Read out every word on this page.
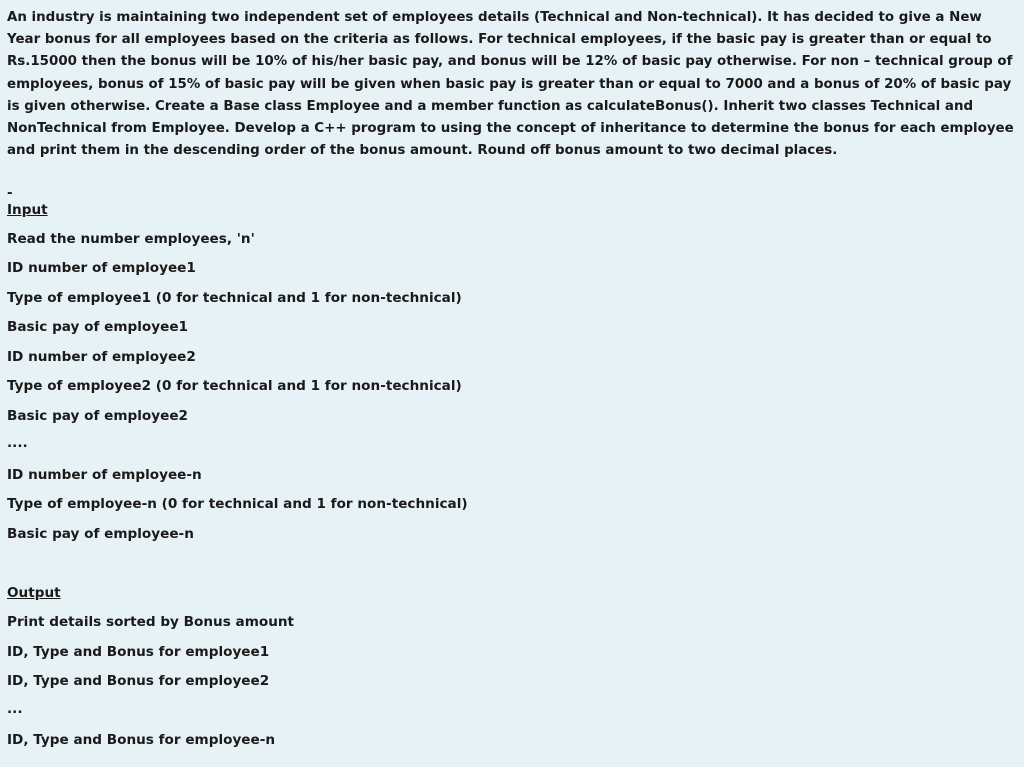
An industry is maintaining two independent set of employees details (Technical and Non-technical). It has decided to give a New Year bonus for all employees based on the criteria as follows. For technical employees, if the basic pay is greater than or equal to Rs.15000 then the bonus will be 10% of his/her basic pay, and bonus will be 12% of basic pay otherwise. For non – technical group of employees, bonus of 15% of basic pay will be given when basic pay is greater than or equal to 7000 and a bonus of 20% of basic pay is given otherwise. Create a Base class Employee and a member function as calculateBonus(). Inherit two classes Technical and NonTechnical from Employee. Develop a C++ program to using the concept of inheritance to determine the bonus for each employee and print them in the descending order of the bonus amount. Round off bonus amount to two decimal places.

-

Input

Read the number employees, 'n'

ID number of employee1

Type of employee1 (0 for technical and 1 for non-technical)

Basic pay of employee1

ID number of employee2

Type of employee2 (0 for technical and 1 for non-technical)

Basic pay of employee2

....

ID number of employee-n

Type of employee-n (0 for technical and 1 for non-technical)

Basic pay of employee-n

Output

Print details sorted by Bonus amount

ID, Type and Bonus for employee1

ID, Type and Bonus for employee2

...

ID, Type and Bonus for employee-n
